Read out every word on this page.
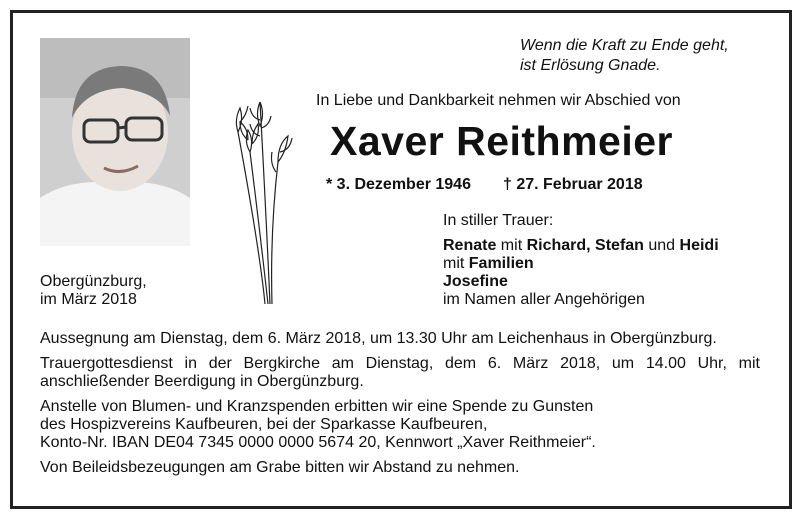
Wenn die Kraft zu Ende geht,
ist Erlösung Gnade.
In Liebe und Dankbarkeit nehmen wir Abschied von
Xaver Reithmeier
* 3. Dezember 1946 † 27. Februar 2018
In stiller Trauer:
Renate mit Richard, Stefan und Heidi
mit Familien
Josefine
im Namen aller Angehörigen
Obergünzburg,
im März 2018

Aussegnung am Dienstag, dem 6. März 2018, um 13.30 Uhr am Leichenhaus in Obergünzburg.

Trauergottesdienst in der Bergkirche am Dienstag, dem 6. März 2018, um 14.00 Uhr, mit anschließender Beerdigung in Obergünzburg.

Anstelle von Blumen- und Kranzspenden erbitten wir eine Spende zu Gunsten
des Hospizvereins Kaufbeuren, bei der Sparkasse Kaufbeuren,
Konto-Nr. IBAN DE04 7345 0000 0000 5674 20, Kennwort „Xaver Reithmeier“.

Von Beileidsbezeugungen am Grabe bitten wir Abstand zu nehmen.
